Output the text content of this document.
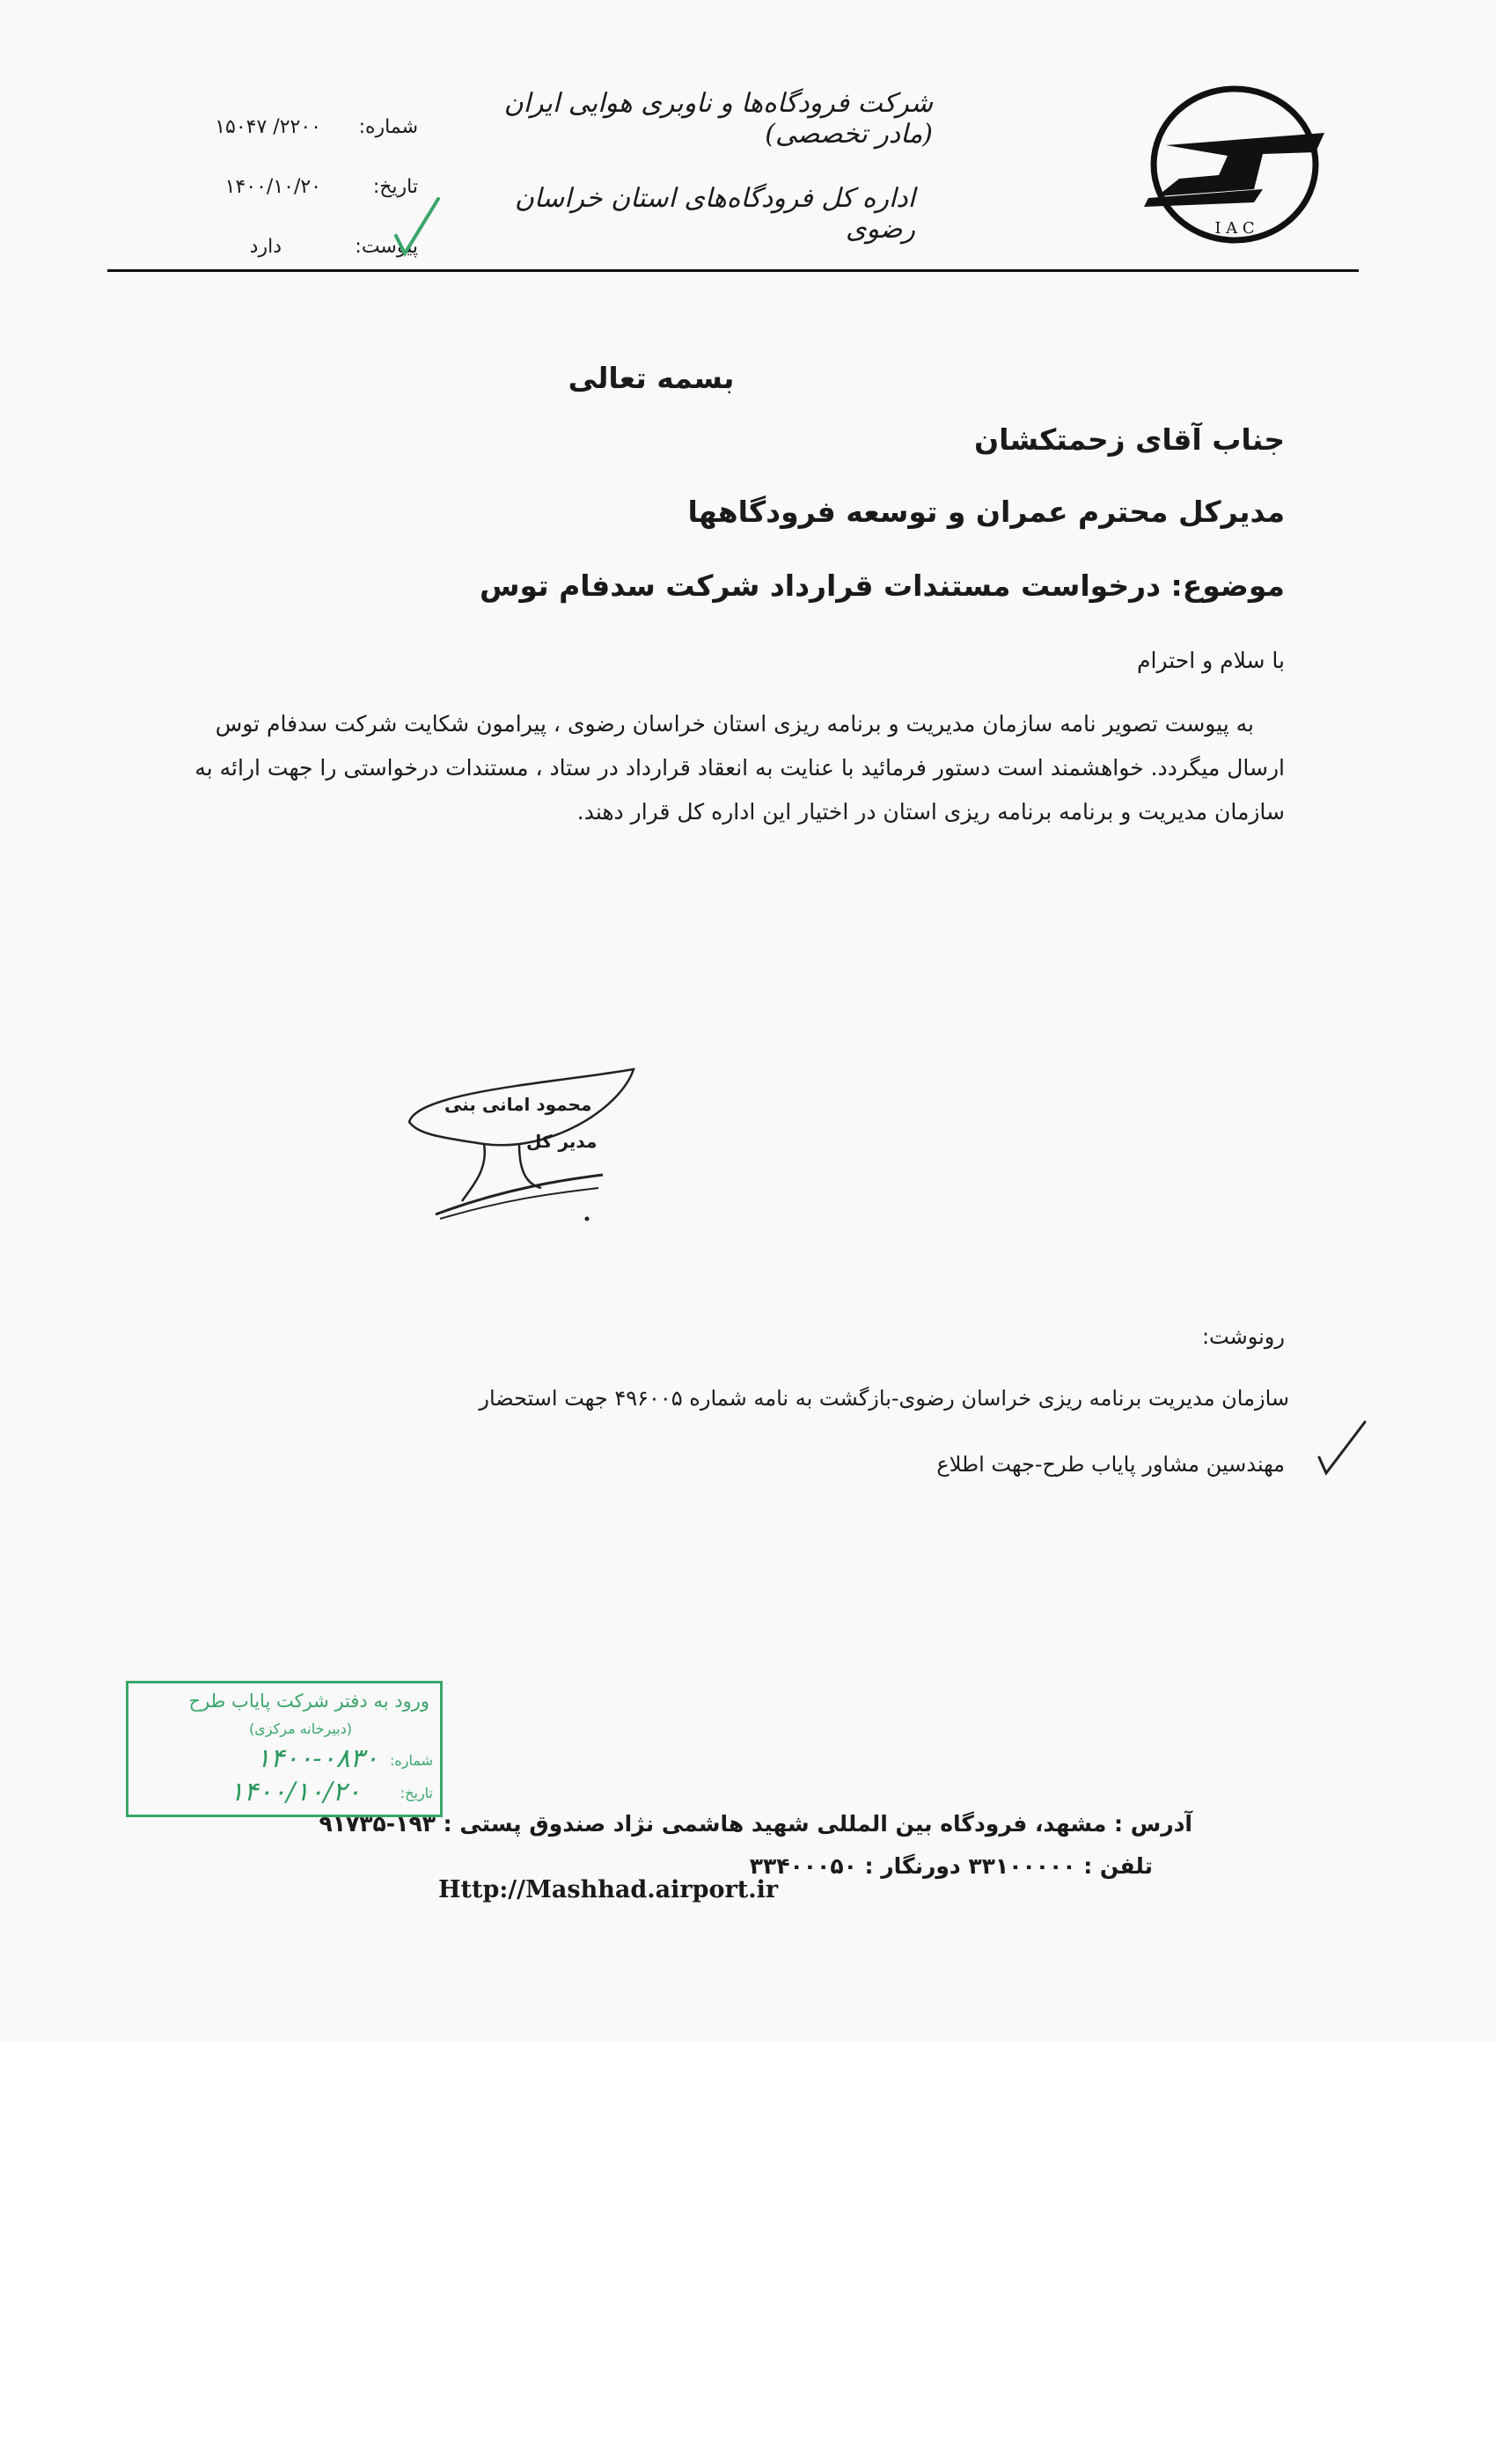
I A C
شرکت فرودگاه‌ها و ناوبری هوایی ایران (مادر تخصصی)
اداره کل فرودگاه‌های استان خراسان رضوی
شماره:
۱۵۰۴۷ /۲۲۰۰
تاریخ:
۱۴۰۰/۱۰/۲۰
پیوست:
دارد
بسمه تعالی
جناب آقای زحمتکشان
مدیرکل محترم عمران و توسعه فرودگاهها
موضوع: درخواست مستندات قرارداد شرکت سدفام توس
با سلام و احترام
به پیوست تصویر نامه سازمان مدیریت و برنامه ریزی استان خراسان رضوی ، پیرامون شکایت شرکت سدفام توس
ارسال میگردد. خواهشمند است دستور فرمائید با عنایت به انعقاد قرارداد در ستاد ، مستندات درخواستی را جهت ارائه به
سازمان مدیریت و برنامه برنامه ریزی استان در اختیار این اداره کل قرار دهند.
محمود امانی بنی
مدیر کل
رونوشت:
سازمان مدیریت برنامه ریزی خراسان رضوی-بازگشت به نامه شماره ۴۹۶۰۰۵ جهت استحضار
مهندسین مشاور پایاب طرح-جهت اطلاع
ورود به دفتر شرکت پایاب طرح
(دبیرخانه مرکزی)
شماره:
۱۴۰۰-۰۸۳۰
تاریخ:
۱۴۰۰/۱۰/۲۰
آدرس : مشهد، فرودگاه بین المللی شهید هاشمی نژاد صندوق پستی : ۱۹۳-۹۱۷۳۵
تلفن : ۳۳۱۰۰۰۰۰ دورنگار : ۳۳۴۰۰۰۵۰
Http://Mashhad.airport.ir
